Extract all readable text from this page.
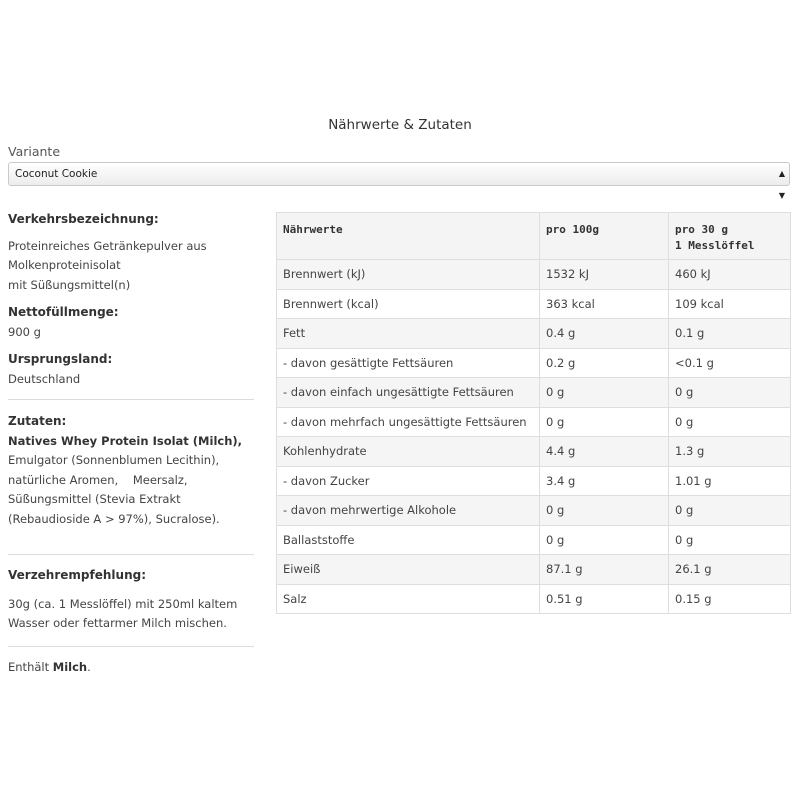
Nährwerte & Zutaten
Variante
Coconut Cookie	▲
▼
Verkehrsbezeichnung:
Proteinreiches Getränkepulver aus
Molkenproteinisolat
mit Süßungsmittel(n)
Nettofüllmenge:
900 g
Ursprungsland:
Deutschland
Zutaten:
Natives Whey Protein Isolat (Milch),
Emulgator (Sonnenblumen Lecithin),
natürliche Aromen,    Meersalz,
Süßungsmittel (Stevia Extrakt
(Rebaudioside A > 97%), Sucralose).
Verzehrempfehlung:
30g (ca. 1 Messlöffel) mit 250ml kaltem
Wasser oder fettarmer Milch mischen.
Enthält Milch.
Nährwerte	pro 100g	pro 30 g
1 Messlöffel
Brennwert (kJ)	1532 kJ	460 kJ
Brennwert (kcal)	363 kcal	109 kcal
Fett	0.4 g	0.1 g
- davon gesättigte Fettsäuren	0.2 g	<0.1 g
- davon einfach ungesättigte Fettsäuren	0 g	0 g
- davon mehrfach ungesättigte Fettsäuren	0 g	0 g
Kohlenhydrate	4.4 g	1.3 g
- davon Zucker	3.4 g	1.01 g
- davon mehrwertige Alkohole	0 g	0 g
Ballaststoffe	0 g	0 g
Eiweiß	87.1 g	26.1 g
Salz	0.51 g	0.15 g
